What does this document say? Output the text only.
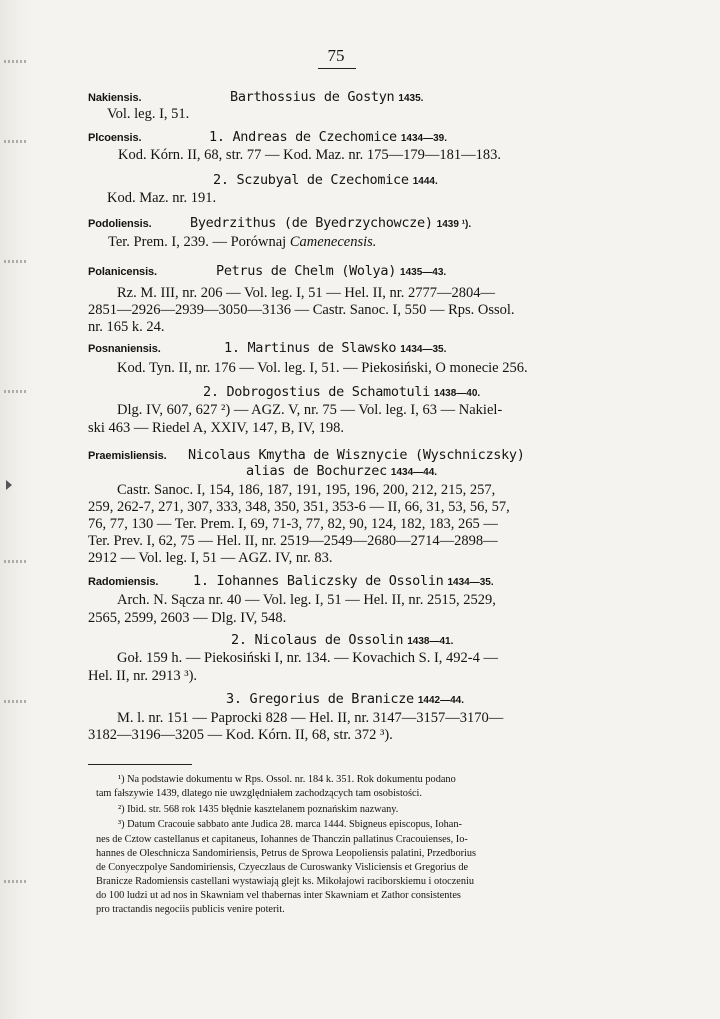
75
Nakiensis.	Barthossius de Gostyn 1435.
Vol. leg. I, 51.
Plcoensis.	1. Andreas de Czechomice 1434—39.
Kod. Kórn. II, 68, str. 77 — Kod. Maz. nr. 175—179—181—183.
2. Sczubyal de Czechomice 1444.
Kod. Maz. nr. 191.
Podoliensis.	Byedrzithus (de Byedrzychowcze) 1439 ¹).
Ter. Prem. I, 239. — Porównaj Camenecensis.
Polanicensis.	Petrus de Chelm (Wolya) 1435—43.
Rz. M. III, nr. 206 — Vol. leg. I, 51 — Hel. II, nr. 2777—2804—
2851—2926—2939—3050—3136 — Castr. Sanoc. I, 550 — Rps. Ossol.
nr. 165 k. 24.
Posnaniensis.	1. Martinus de Slawsko 1434—35.
Kod. Tyn. II, nr. 176 — Vol. leg. I, 51. — Piekosiński, O monecie 256.
2. Dobrogostius de Schamotuli 1438—40.
Dlg. IV, 607, 627 ²) — AGZ. V, nr. 75 — Vol. leg. I, 63 — Nakiel-
ski 463 — Riedel A, XXIV, 147, B, IV, 198.
Praemisliensis. Nicolaus Kmytha de Wisznycie (Wyschniczsky)
alias de Bochurzec 1434—44.
Castr. Sanoc. I, 154, 186, 187, 191, 195, 196, 200, 212, 215, 257,
259, 262-7, 271, 307, 333, 348, 350, 351, 353-6 — II, 66, 31, 53, 56, 57,
76, 77, 130 — Ter. Prem. I, 69, 71-3, 77, 82, 90, 124, 182, 183, 265 —
Ter. Prev. I, 62, 75 — Hel. II, nr. 2519—2549—2680—2714—2898—
2912 — Vol. leg. I, 51 — AGZ. IV, nr. 83.
Radomiensis.	1. Iohannes Baliczsky de Ossolin 1434—35.
Arch. N. Sącza nr. 40 — Vol. leg. I, 51 — Hel. II, nr. 2515, 2529,
2565, 2599, 2603 — Dlg. IV, 548.
2. Nicolaus de Ossolin 1438—41.
Goł. 159 h. — Piekosiński I, nr. 134. — Kovachich S. I, 492-4 —
Hel. II, nr. 2913 ³).
3. Gregorius de Branicze 1442—44.
M. l. nr. 151 — Paprocki 828 — Hel. II, nr. 3147—3157—3170—
3182—3196—3205 — Kod. Kórn. II, 68, str. 372 ³).
¹) Na podstawie dokumentu w Rps. Ossol. nr. 184 k. 351. Rok dokumentu podano
tam fałszywie 1439, dlatego nie uwzględniałem zachodzących tam osobistości.
²) Ibid. str. 568 rok 1435 błędnie kasztelanem poznańskim nazwany.
³) Datum Cracouie sabbato ante Judica 28. marca 1444. Sbigneus episcopus, Iohan-
nes de Cztow castellanus et capitaneus, Iohannes de Thanczin pallatinus Cracouienses, Io-
hannes de Oleschnicza Sandomiriensis, Petrus de Sprowa Leopoliensis palatini, Przedborius
de Conyeczpolye Sandomiriensis, Czyeczlaus de Curoswanky Visliciensis et Gregorius de
Branicze Radomiensis castellani wystawiają glejt ks. Mikołajowi raciborskiemu i otoczeniu
do 100 ludzi ut ad nos in Skawniam vel thabernas inter Skawniam et Zathor consistentes
pro tractandis negociis publicis venire poterit.
